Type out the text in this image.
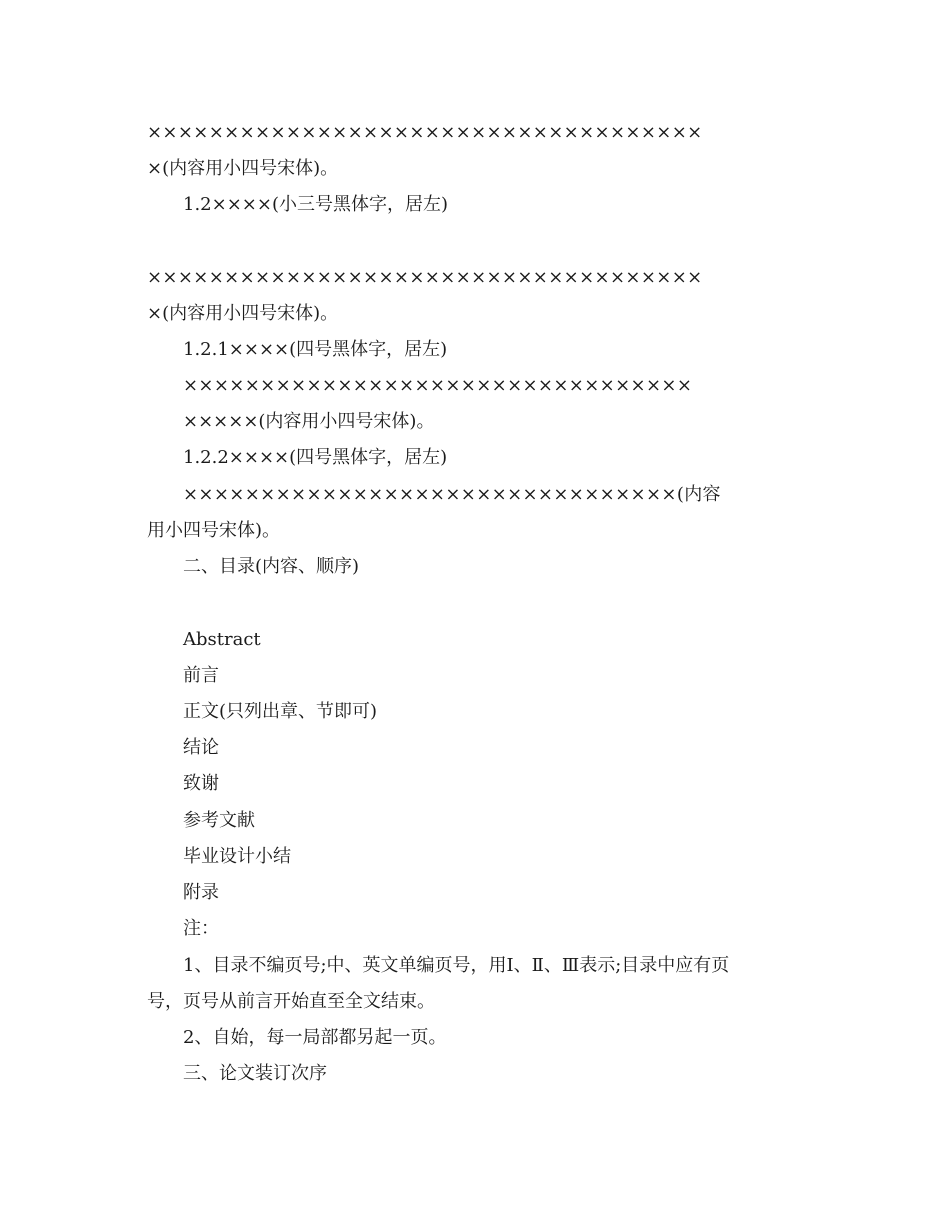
××××××××××××××××××××××××××××××××××××
×(内容用小四号宋体)。
1.2××××(小三号黑体字，居左)
××××××××××××××××××××××××××××××××××××
×(内容用小四号宋体)。
1.2.1××××(四号黑体字，居左)
×××××××××××××××××××××××××××××××××
×××××(内容用小四号宋体)。
1.2.2××××(四号黑体字，居左)
××××××××××××××××××××××××××××××××(内容
用小四号宋体)。
二、目录(内容、顺序)
Abstract
前言
正文(只列出章、节即可)
结论
致谢
参考文献
毕业设计小结
附录
注：
1、目录不编页号;中、英文单编页号，用Ⅰ、Ⅱ、Ⅲ表示;目录中应有页
号，页号从前言开始直至全文结束。
2、自始，每一局部都另起一页。
三、论文装订次序
